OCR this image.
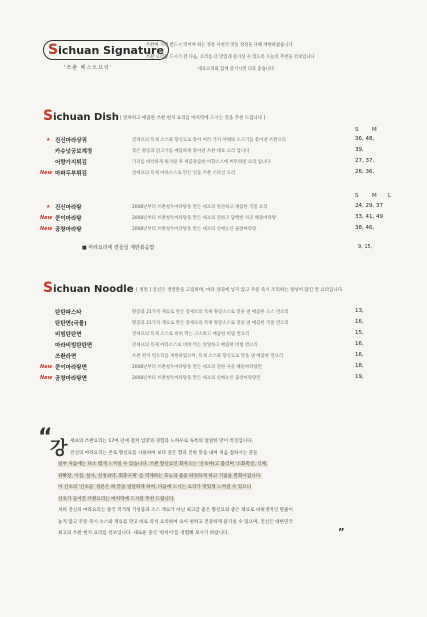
Sichuan Signature
쓰촨에 가면 반드시 먹어야 하는 정통 사천의 맛을 정성을 다해 재현하였습니다
쓰촨 요리를 드시기 전 다음, 요리를 더 맛있게 즐기실 수 있도록 오늘의 추천을 선보입니다
대표요리와 함께 즐기시면 더욱 좋습니다
'쓰촨 베스트요리'
Sichuan Dish [ 알싸하고 매콤한 쓰촨 현지 요리를 마지막에 드시는 것을 추천 드립니다 ]
S M
★ 진신마라상궈	강세프의 특제 소스와 향신료로 볶아 여러 가지 야채와 소고기를 볶아낸 쓰촨요리	36, 48,
카슈넛궁보계정	볶은 땅콩과 닭고기를 매콤하게 볶아낸 쓰촨 대표 요리 입니다	39,
어향가지튀김	가지를 바삭하게 튀겨낸 후 새콤달콤한 어향소스에 버무려낸 요리 입니다	27, 37,
New 마파두부튀김	강세프의 특제 마파소스로 만든 일품 쓰촨 스타일 요리	26, 36,
S M L
★ 진신마라탕	2008년부터 쓰촨청두마라탕을 만든 셰프의 얼큰하고 새콤한 국물 요리	24, 29, 37
New 쿤이마라탕	2008년부터 쓰촨청두마라탕을 만든 셰프의 진하고 담백한 사골 해물마라탕	33, 41, 49
New 공창마라탕	2008년부터 쓰촨청두마라탕을 만든 셰프의 신메뉴인 곱창마라탕	38, 46,
■ 마라요리에 곁들일 계란볶음밥	9, 15,
Sichuan Noodle [ 생면 ] 진신은 생면만을 고집하며, 마라 샹궈에 넣지 않고 주문 즉시 조리하는 정성이 담긴 면 요리입니다.
탄탄파스타	땅콩과 21가지 재료로 만든 강세프의 특제 땅콩소스로 맛을 낸 매콤한 소스 면요리	13,
탄탄면(국물)	땅콩과 21가지 재료로 만든 강세프의 특제 땅콩소스로 맛을 낸 매콤한 국물 면요리	16,
비빔탄탄면	강세프의 특제 소스로 비벼 먹는 고소하고 매콤한 비빔 면요리	15,
마라비빔탄탄면	강세프의 특제 마라소스로 비벼 먹는 얼얼하고 매콤한 비빔 면요리	16,
쓰촨라면	쓰촨 현지 면요리를 재현하였으며, 특제 소스와 향신료로 맛을 낸 매콤한 면요리	16,
New 쿤이마라탕면	2008년부터 쓰촨청두마라탕을 만든 셰프의 진한 사골 해물마라탕면	18,
New 공창마라탕면	2008년부터 쓰촨청두마라탕을 만든 셰프의 신메뉴인 곱창마라탕면	19,
“
강 세프의 쓰촨요리는 17여 년에 걸쳐 입맛과 경험과 노하우로 독특의 얼얼한 맛이 특징입니다.
진신의 마라요리는 본토 향신료를 사용하여 보다 깊은 향과 진한 맛을 내며 처음 접하시는 분들
일부 처음에는 다소 맵게 느껴질 수 있습니다. 쓰촨 향신료인 화자오는 '산초야(고 불리며 '소화촉진, 식체,
위확장, 이질, 설사, 신경쇠약, 회충구제' 를 억제하는 효능과 몸을 따뜻하게 하고 기침을 완화시킵니다.
이 산초의 '산초들' 성분은 혀 끝을 얼얼하게 하며, 다음에 드시는 요리가 맛있게 느껴질 수 있으니
산초가 들어간 쓰촨요리는 마지막에 드시길 추천 드립니다.
저희 진신의 마라요리는 중국 직거래 기성품과 소스 재료가 아닌 최고급 좋은 향신료와 좋은 재료로 비위생적인 탄줄이
놓지 않고 주문 즉시 소스와 재료를 맛고 바로 즉석 요리하여 숙이 편하고 건강하게 즐기실 수 있으며, 진신은 대한민국
최고의 쓰촨 현지 요리를 선보입니다. 새로운 중식 '펑치이'를 경험해 보시기 바랍니다.	”
